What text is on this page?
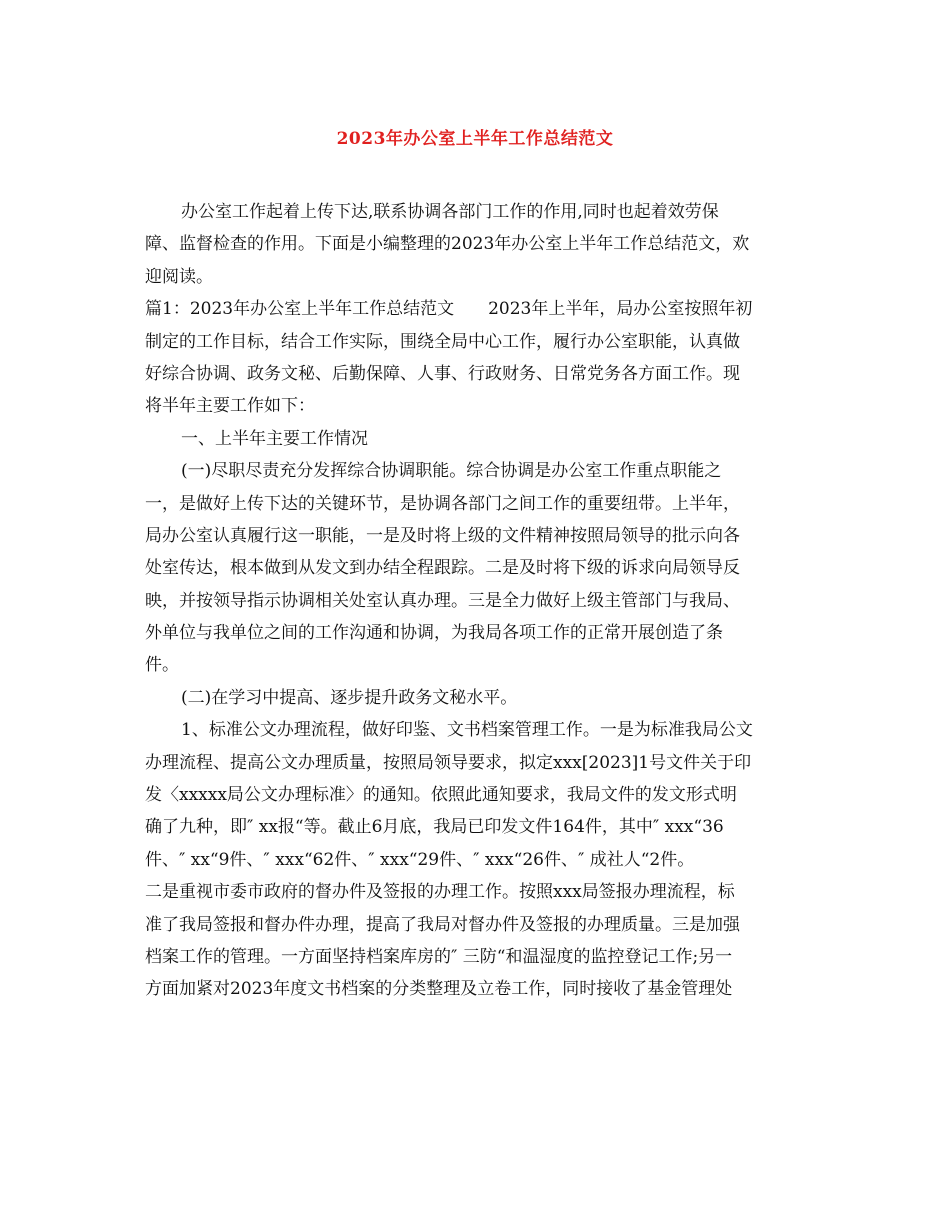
2023年办公室上半年工作总结范文
办公室工作起着上传下达,联系协调各部门工作的作用,同时也起着效劳保
障、监督检查的作用。下面是小编整理的2023年办公室上半年工作总结范文，欢
迎阅读。
篇1：2023年办公室上半年工作总结范文　　2023年上半年，局办公室按照年初
制定的工作目标，结合工作实际，围绕全局中心工作，履行办公室职能，认真做
好综合协调、政务文秘、后勤保障、人事、行政财务、日常党务各方面工作。现
将半年主要工作如下：
一、上半年主要工作情况
(一)尽职尽责充分发挥综合协调职能。综合协调是办公室工作重点职能之
一，是做好上传下达的关键环节，是协调各部门之间工作的重要纽带。上半年，
局办公室认真履行这一职能，一是及时将上级的文件精神按照局领导的批示向各
处室传达，根本做到从发文到办结全程跟踪。二是及时将下级的诉求向局领导反
映，并按领导指示协调相关处室认真办理。三是全力做好上级主管部门与我局、
外单位与我单位之间的工作沟通和协调，为我局各项工作的正常开展创造了条
件。
(二)在学习中提高、逐步提升政务文秘水平。
1、标准公文办理流程，做好印鉴、文书档案管理工作。一是为标准我局公文
办理流程、提高公文办理质量，按照局领导要求，拟定xxx[2023]1号文件关于印
发〈xxxxx局公文办理标准〉的通知。依照此通知要求，我局文件的发文形式明
确了九种，即″ xx报“等。截止6月底，我局已印发文件164件，其中″ xxx“36
件、″ xx“9件、″ xxx“62件、″ xxx“29件、″ xxx“26件、″ 成社人“2件。
二是重视市委市政府的督办件及签报的办理工作。按照xxx局签报办理流程，标
准了我局签报和督办件办理，提高了我局对督办件及签报的办理质量。三是加强
档案工作的管理。一方面坚持档案库房的″ 三防“和温湿度的监控登记工作;另一
方面加紧对2023年度文书档案的分类整理及立卷工作，同时接收了基金管理处
